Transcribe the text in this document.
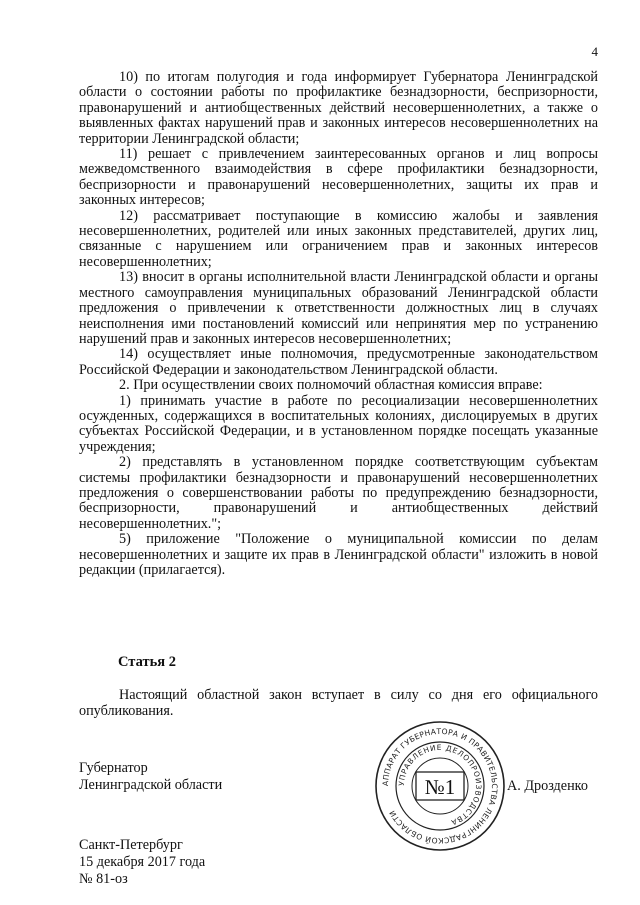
4

10) по итогам полугодия и года информирует Губернатора Ленинградской области о состоянии работы по профилактике безнадзорности, беспризорности, правонарушений и антиобщественных действий несовершеннолетних, а также о выявленных фактах нарушений прав и законных интересов несовершеннолетних на территории Ленинградской области;

11) решает с привлечением заинтересованных органов и лиц вопросы межведомственного взаимодействия в сфере профилактики безнадзорности, беспризорности и правонарушений несовершеннолетних, защиты их прав и законных интересов;

12) рассматривает поступающие в комиссию жалобы и заявления несовершеннолетних, родителей или иных законных представителей, других лиц, связанные с нарушением или ограничением прав и законных интересов несовершеннолетних;

13) вносит в органы исполнительной власти Ленинградской области и органы местного самоуправления муниципальных образований Ленинградской области предложения о привлечении к ответственности должностных лиц в случаях неисполнения ими постановлений комиссий или непринятия мер по устранению нарушений прав и законных интересов несовершеннолетних;

14) осуществляет иные полномочия, предусмотренные законодательством Российской Федерации и законодательством Ленинградской области.

2. При осуществлении своих полномочий областная комиссия вправе:

1) принимать участие в работе по ресоциализации несовершеннолетних осужденных, содержащихся в воспитательных колониях, дислоцируемых в других субъектах Российской Федерации, и в установленном порядке посещать указанные учреждения;

2) представлять в установленном порядке соответствующим субъектам системы профилактики безнадзорности и правонарушений несовершеннолетних предложения о совершенствовании работы по предупреждению безнадзорности, беспризорности, правонарушений и антиобщественных действий несовершеннолетних.";

5) приложение "Положение о муниципальной комиссии по делам несовершеннолетних и защите их прав в Ленинградской области" изложить в новой редакции (прилагается).

Статья 2
Настоящий областной закон вступает в силу со дня его официального опубликования.
Губернатор
Ленинградской области	АППАРАТ ГУБЕРНАТОРА И ПРАВИТЕЛЬСТВА ЛЕНИНГРАДСКОЙ ОБЛАСТИ
УПРАВЛЕНИЕ ДЕЛОПРОИЗВОДСТВА
№1	А. Дрозденко
Санкт-Петербург
15 декабря 2017 года
№ 81-оз
